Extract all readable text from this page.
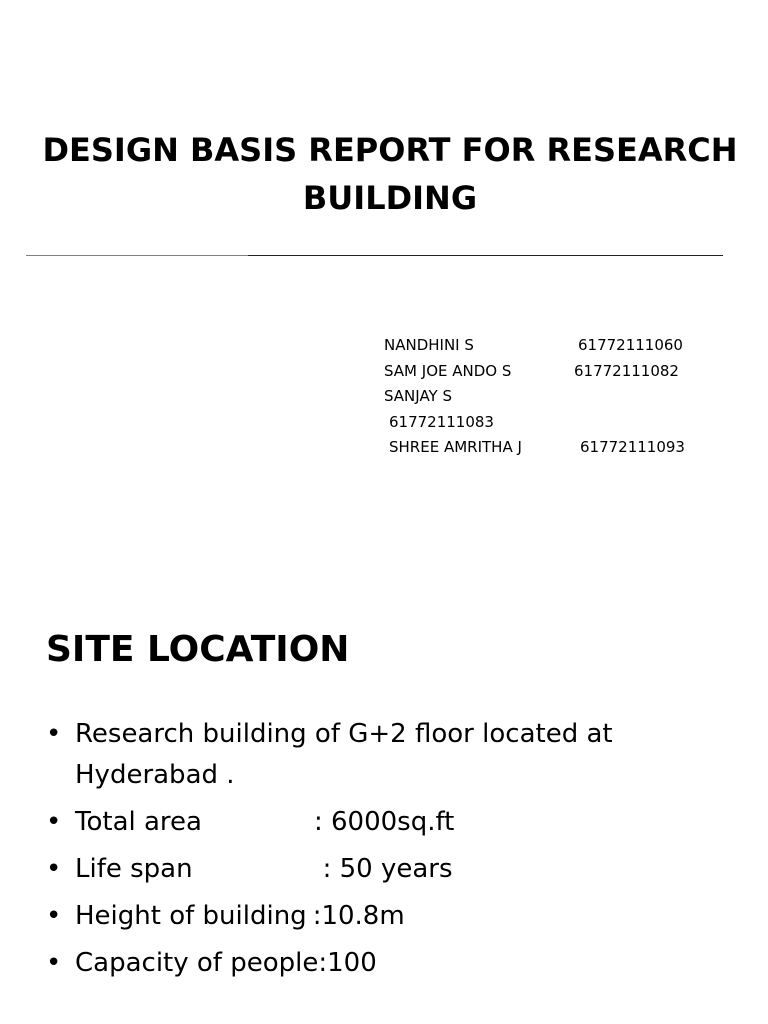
DESIGN BASIS REPORT FOR RESEARCH BUILDING
NANDHINI S	61772111060
SAM JOE ANDO S	61772111082
SANJAY S
61772111083
SHREE AMRITHA J	61772111093
SITE LOCATION
• Research building of G+2 floor located at Hyderabad .
• Total area	: 6000sq.ft
• Life span	: 50 years
• Height of building :10.8m
• Capacity of people:100
